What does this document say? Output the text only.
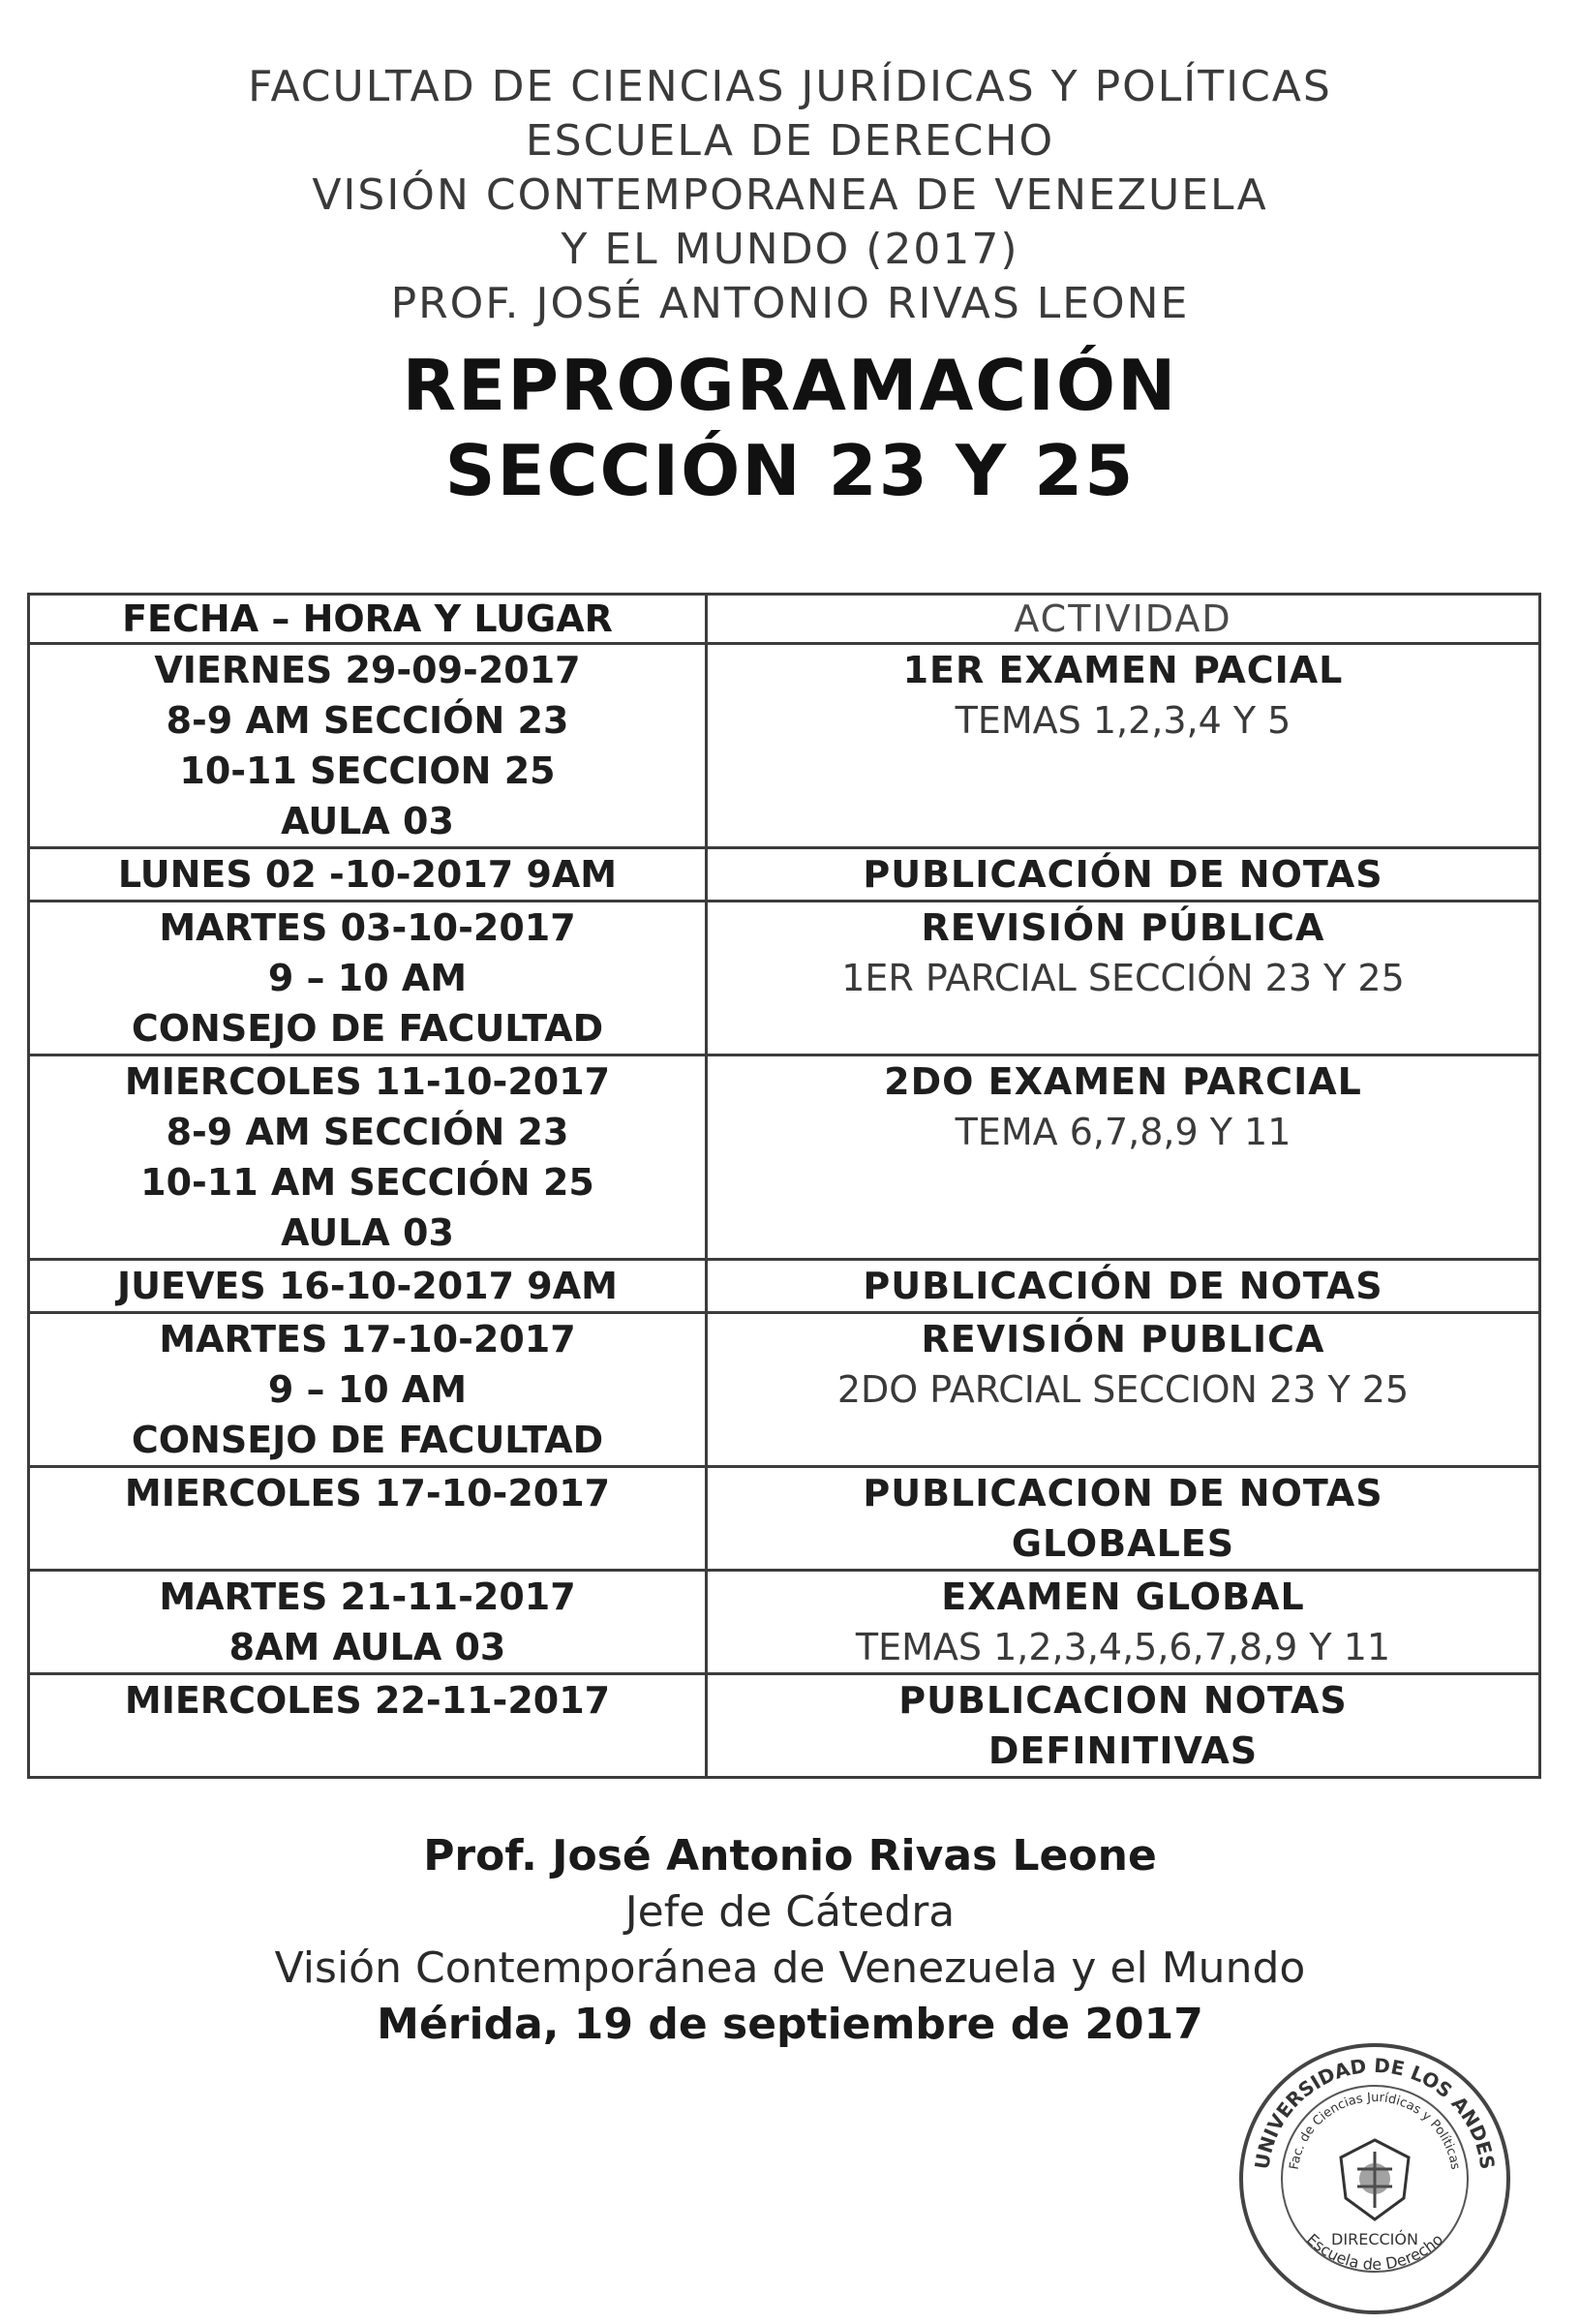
FACULTAD DE CIENCIAS JURÍDICAS Y POLÍTICAS
ESCUELA DE DERECHO
VISIÓN CONTEMPORANEA DE VENEZUELA
Y EL MUNDO (2017)
PROF. JOSÉ ANTONIO RIVAS LEONE
REPROGRAMACIÓN
SECCIÓN 23 Y 25
FECHA – HORA Y LUGAR	ACTIVIDAD

VIERNES 29-09-2017
8-9 AM SECCIÓN 23
10-11 SECCION 25
AULA 03	1ER EXAMEN PACIAL
TEMAS 1,2,3,4 Y 5

LUNES 02 -10-2017 9AM	PUBLICACIÓN DE NOTAS

MARTES 03-10-2017
9 – 10 AM
CONSEJO DE FACULTAD	REVISIÓN PÚBLICA
1ER PARCIAL SECCIÓN 23 Y 25

MIERCOLES 11-10-2017
8-9 AM SECCIÓN 23
10-11 AM SECCIÓN 25
AULA 03	2DO EXAMEN PARCIAL
TEMA 6,7,8,9 Y 11

JUEVES 16-10-2017 9AM	PUBLICACIÓN DE NOTAS

MARTES 17-10-2017
9 – 10 AM
CONSEJO DE FACULTAD	REVISIÓN PUBLICA
2DO PARCIAL SECCION 23 Y 25

MIERCOLES 17-10-2017	PUBLICACION DE NOTAS
GLOBALES

MARTES 21-11-2017
8AM AULA 03	EXAMEN GLOBAL
TEMAS 1,2,3,4,5,6,7,8,9 Y 11

MIERCOLES 22-11-2017	PUBLICACION NOTAS
DEFINITIVAS
Prof. José Antonio Rivas Leone
Jefe de Cátedra
Visión Contemporánea de Venezuela y el Mundo
Mérida, 19 de septiembre de 2017
UNIVERSIDAD DE LOS ANDES
Fac. de Ciencias Jurídicas y Políticas
DIRECCIÓN
Escuela de Derecho
